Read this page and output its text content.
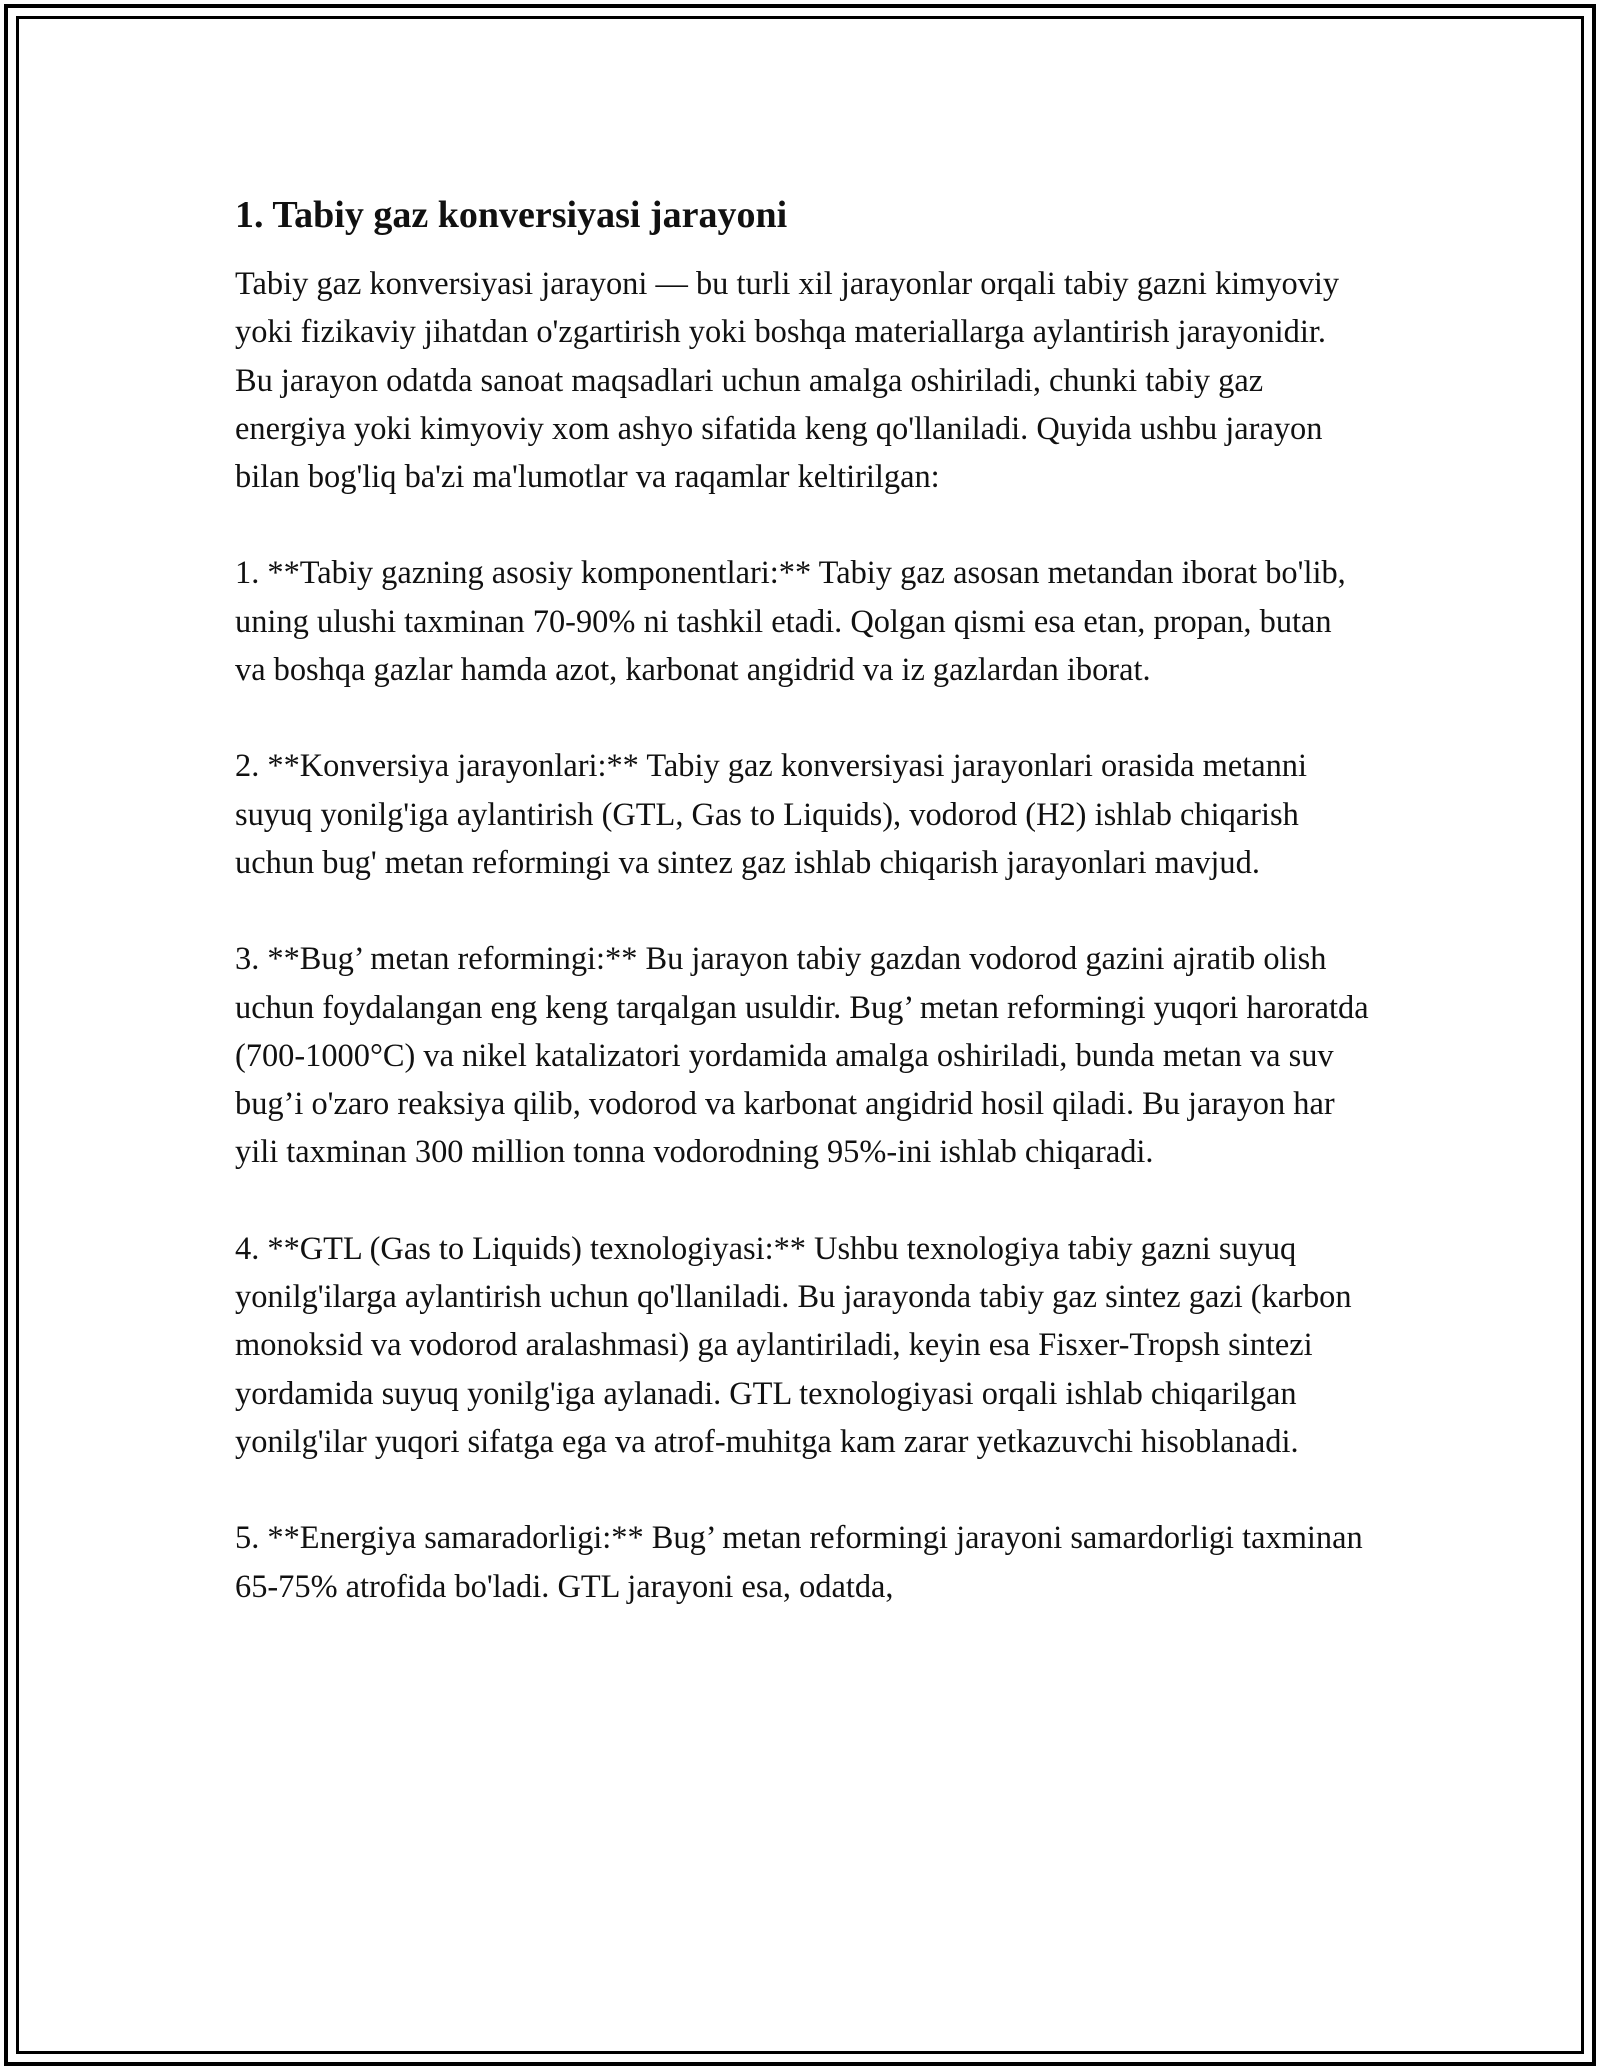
1. Tabiy gaz konversiyasi jarayoni

Tabiy gaz konversiyasi jarayoni — bu turli xil jarayonlar orqali tabiy gazni kimyoviy yoki fizikaviy jihatdan o'zgartirish yoki boshqa materiallarga aylantirish jarayonidir. Bu jarayon odatda sanoat maqsadlari uchun amalga oshiriladi, chunki tabiy gaz energiya yoki kimyoviy xom ashyo sifatida keng qo'llaniladi. Quyida ushbu jarayon bilan bog'liq ba'zi ma'lumotlar va raqamlar keltirilgan:

1. **Tabiy gazning asosiy komponentlari:** Tabiy gaz asosan metandan iborat bo'lib, uning ulushi taxminan 70-90% ni tashkil etadi. Qolgan qismi esa etan, propan, butan va boshqa gazlar hamda azot, karbonat angidrid va iz gazlardan iborat.

2. **Konversiya jarayonlari:** Tabiy gaz konversiyasi jarayonlari orasida metanni suyuq yonilg'iga aylantirish (GTL, Gas to Liquids), vodorod (H2) ishlab chiqarish uchun bug' metan reformingi va sintez gaz ishlab chiqarish jarayonlari mavjud.

3. **Bug’ metan reformingi:** Bu jarayon tabiy gazdan vodorod gazini ajratib olish uchun foydalangan eng keng tarqalgan usuldir. Bug’ metan reformingi yuqori haroratda (700-1000°C) va nikel katalizatori yordamida amalga oshiriladi, bunda metan va suv bug’i o'zaro reaksiya qilib, vodorod va karbonat angidrid hosil qiladi. Bu jarayon har yili taxminan 300 million tonna vodorodning 95%-ini ishlab chiqaradi.

4. **GTL (Gas to Liquids) texnologiyasi:** Ushbu texnologiya tabiy gazni suyuq yonilg'ilarga aylantirish uchun qo'llaniladi. Bu jarayonda tabiy gaz sintez gazi (karbon monoksid va vodorod aralashmasi) ga aylantiriladi, keyin esa Fisxer-Tropsh sintezi yordamida suyuq yonilg'iga aylanadi. GTL texnologiyasi orqali ishlab chiqarilgan yonilg'ilar yuqori sifatga ega va atrof-muhitga kam zarar yetkazuvchi hisoblanadi.

5. **Energiya samaradorligi:** Bug’ metan reformingi jarayoni samardorligi taxminan 65-75% atrofida bo'ladi. GTL jarayoni esa, odatda,
